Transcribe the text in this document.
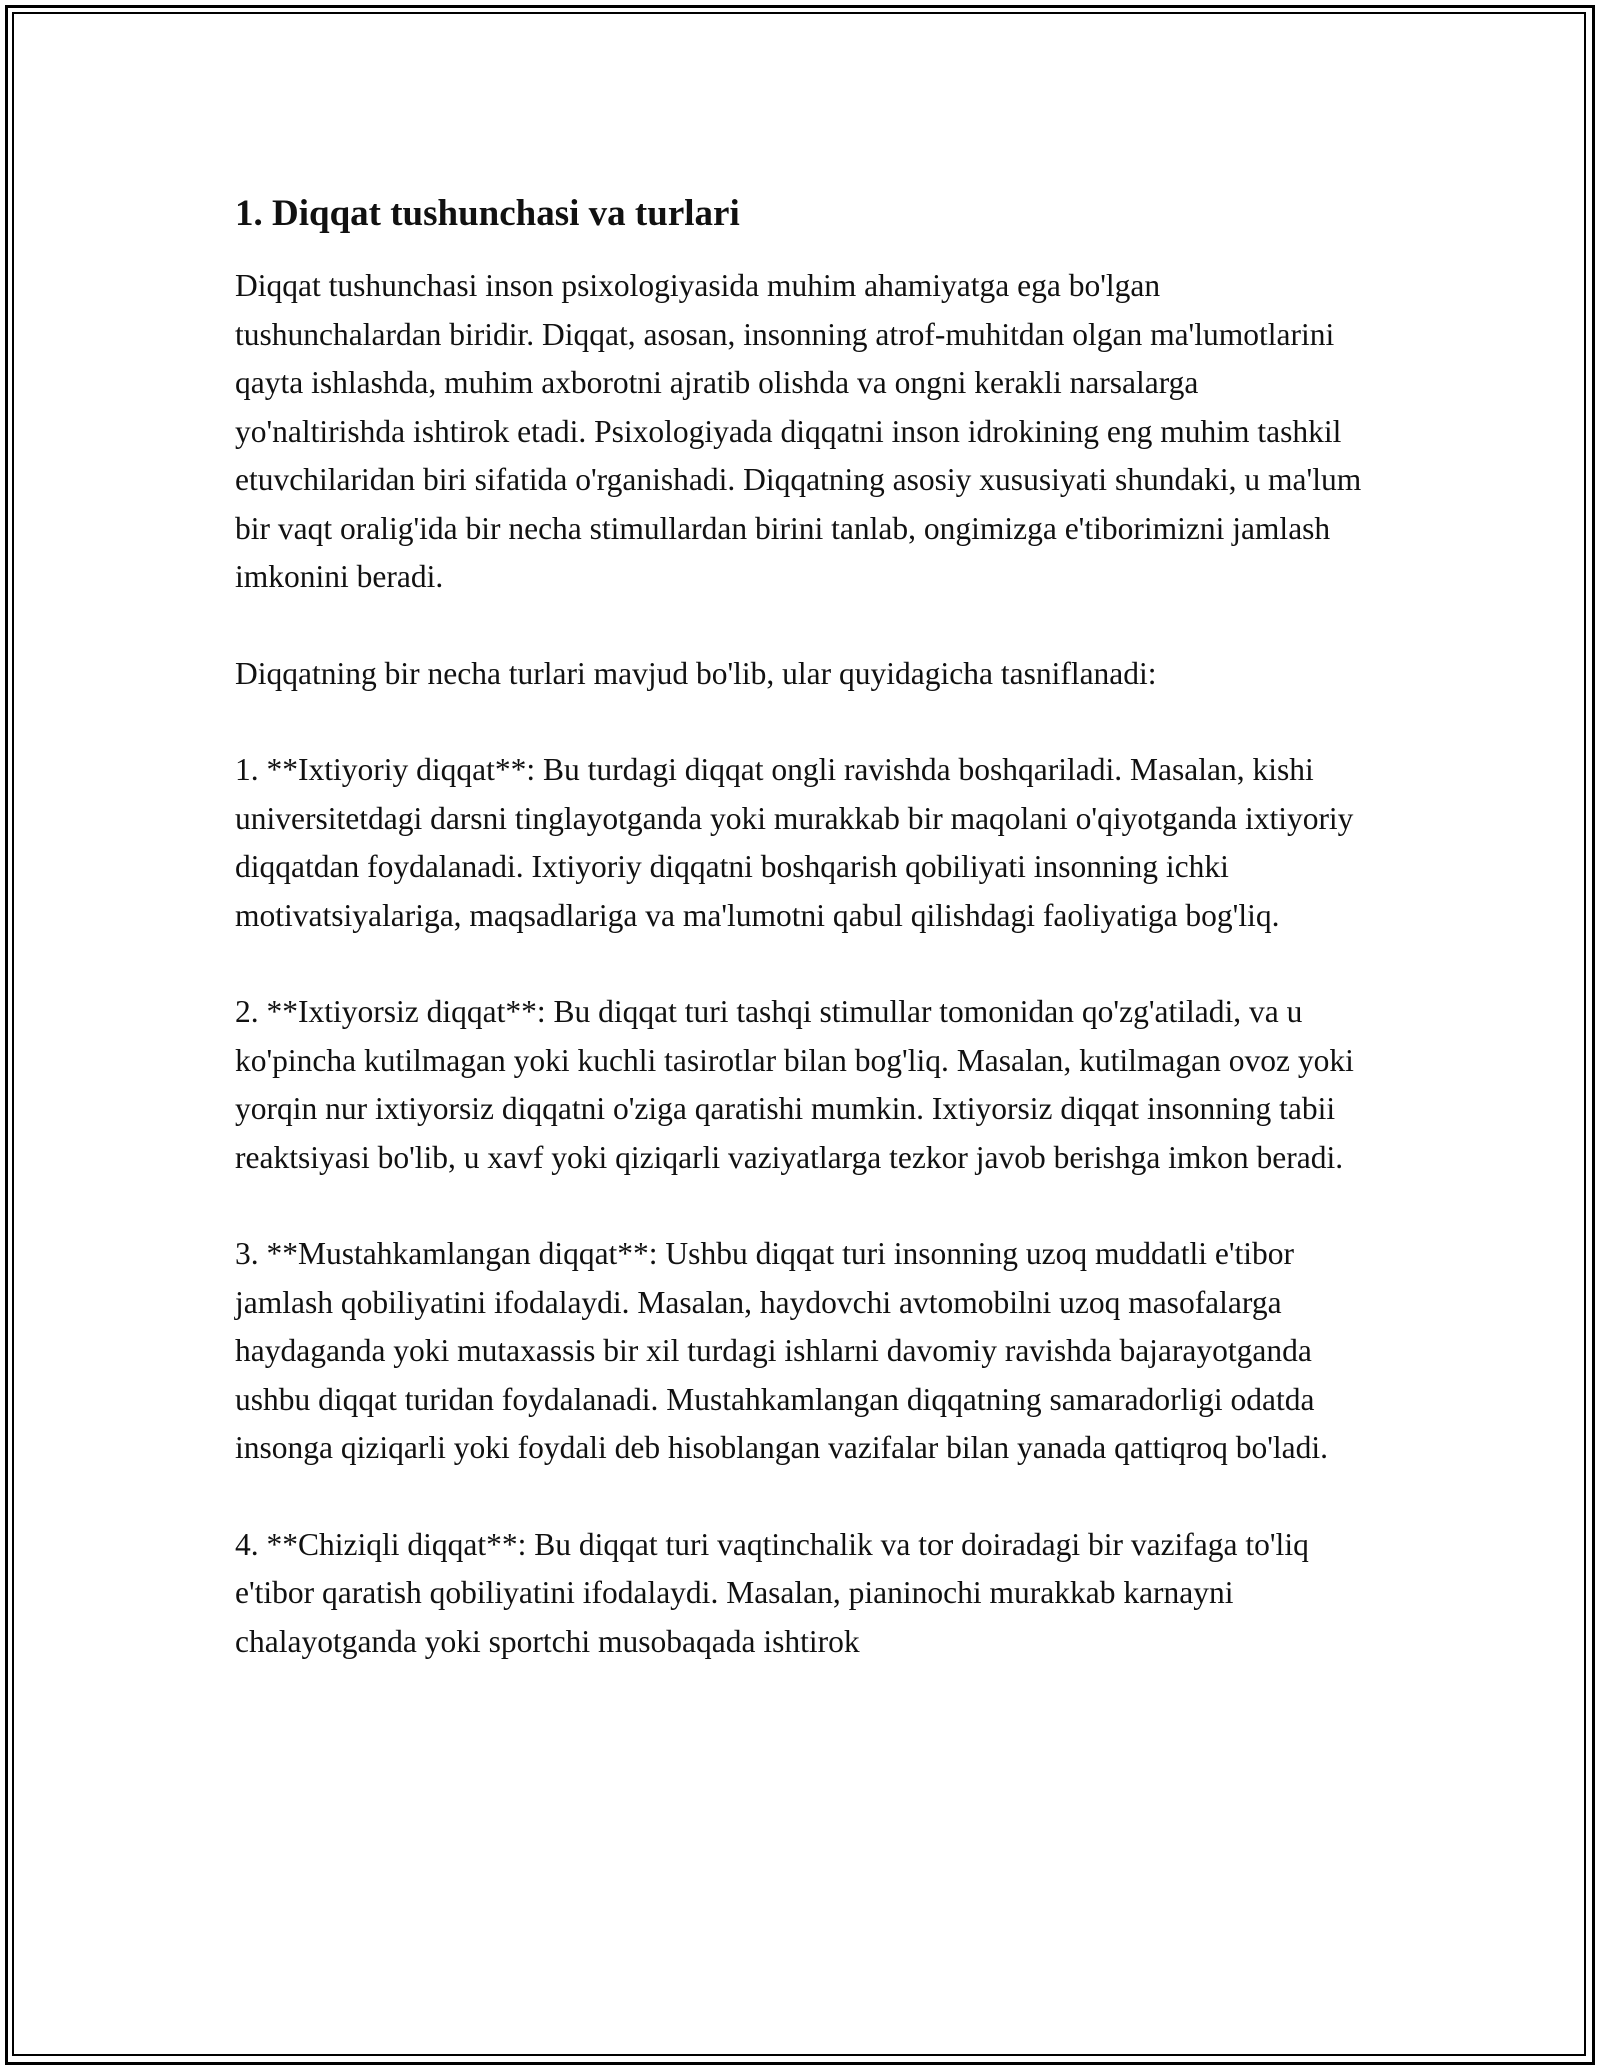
1. Diqqat tushunchasi va turlari

Diqqat tushunchasi inson psixologiyasida muhim ahamiyatga ega bo'lgan tushunchalardan biridir. Diqqat, asosan, insonning atrof-muhitdan olgan ma'lumotlarini qayta ishlashda, muhim axborotni ajratib olishda va ongni kerakli narsalarga yo'naltirishda ishtirok etadi. Psixologiyada diqqatni inson idrokining eng muhim tashkil etuvchilaridan biri sifatida o'rganishadi. Diqqatning asosiy xususiyati shundaki, u ma'lum bir vaqt oralig'ida bir necha stimullardan birini tanlab, ongimizga e'tiborimizni jamlash imkonini beradi.

Diqqatning bir necha turlari mavjud bo'lib, ular quyidagicha tasniflanadi:

1. **Ixtiyoriy diqqat**: Bu turdagi diqqat ongli ravishda boshqariladi. Masalan, kishi universitetdagi darsni tinglayotganda yoki murakkab bir maqolani o'qiyotganda ixtiyoriy diqqatdan foydalanadi. Ixtiyoriy diqqatni boshqarish qobiliyati insonning ichki motivatsiyalariga, maqsadlariga va ma'lumotni qabul qilishdagi faoliyatiga bog'liq.

2. **Ixtiyorsiz diqqat**: Bu diqqat turi tashqi stimullar tomonidan qo'zg'atiladi, va u ko'pincha kutilmagan yoki kuchli tasirotlar bilan bog'liq. Masalan, kutilmagan ovoz yoki yorqin nur ixtiyorsiz diqqatni o'ziga qaratishi mumkin. Ixtiyorsiz diqqat insonning tabii reaktsiyasi bo'lib, u xavf yoki qiziqarli vaziyatlarga tezkor javob berishga imkon beradi.

3. **Mustahkamlangan diqqat**: Ushbu diqqat turi insonning uzoq muddatli e'tibor jamlash qobiliyatini ifodalaydi. Masalan, haydovchi avtomobilni uzoq masofalarga haydaganda yoki mutaxassis bir xil turdagi ishlarni davomiy ravishda bajarayotganda ushbu diqqat turidan foydalanadi. Mustahkamlangan diqqatning samaradorligi odatda insonga qiziqarli yoki foydali deb hisoblangan vazifalar bilan yanada qattiqroq bo'ladi.

4. **Chiziqli diqqat**: Bu diqqat turi vaqtinchalik va tor doiradagi bir vazifaga to'liq e'tibor qaratish qobiliyatini ifodalaydi. Masalan, pianinochi murakkab karnayni chalayotganda yoki sportchi musobaqada ishtirok
